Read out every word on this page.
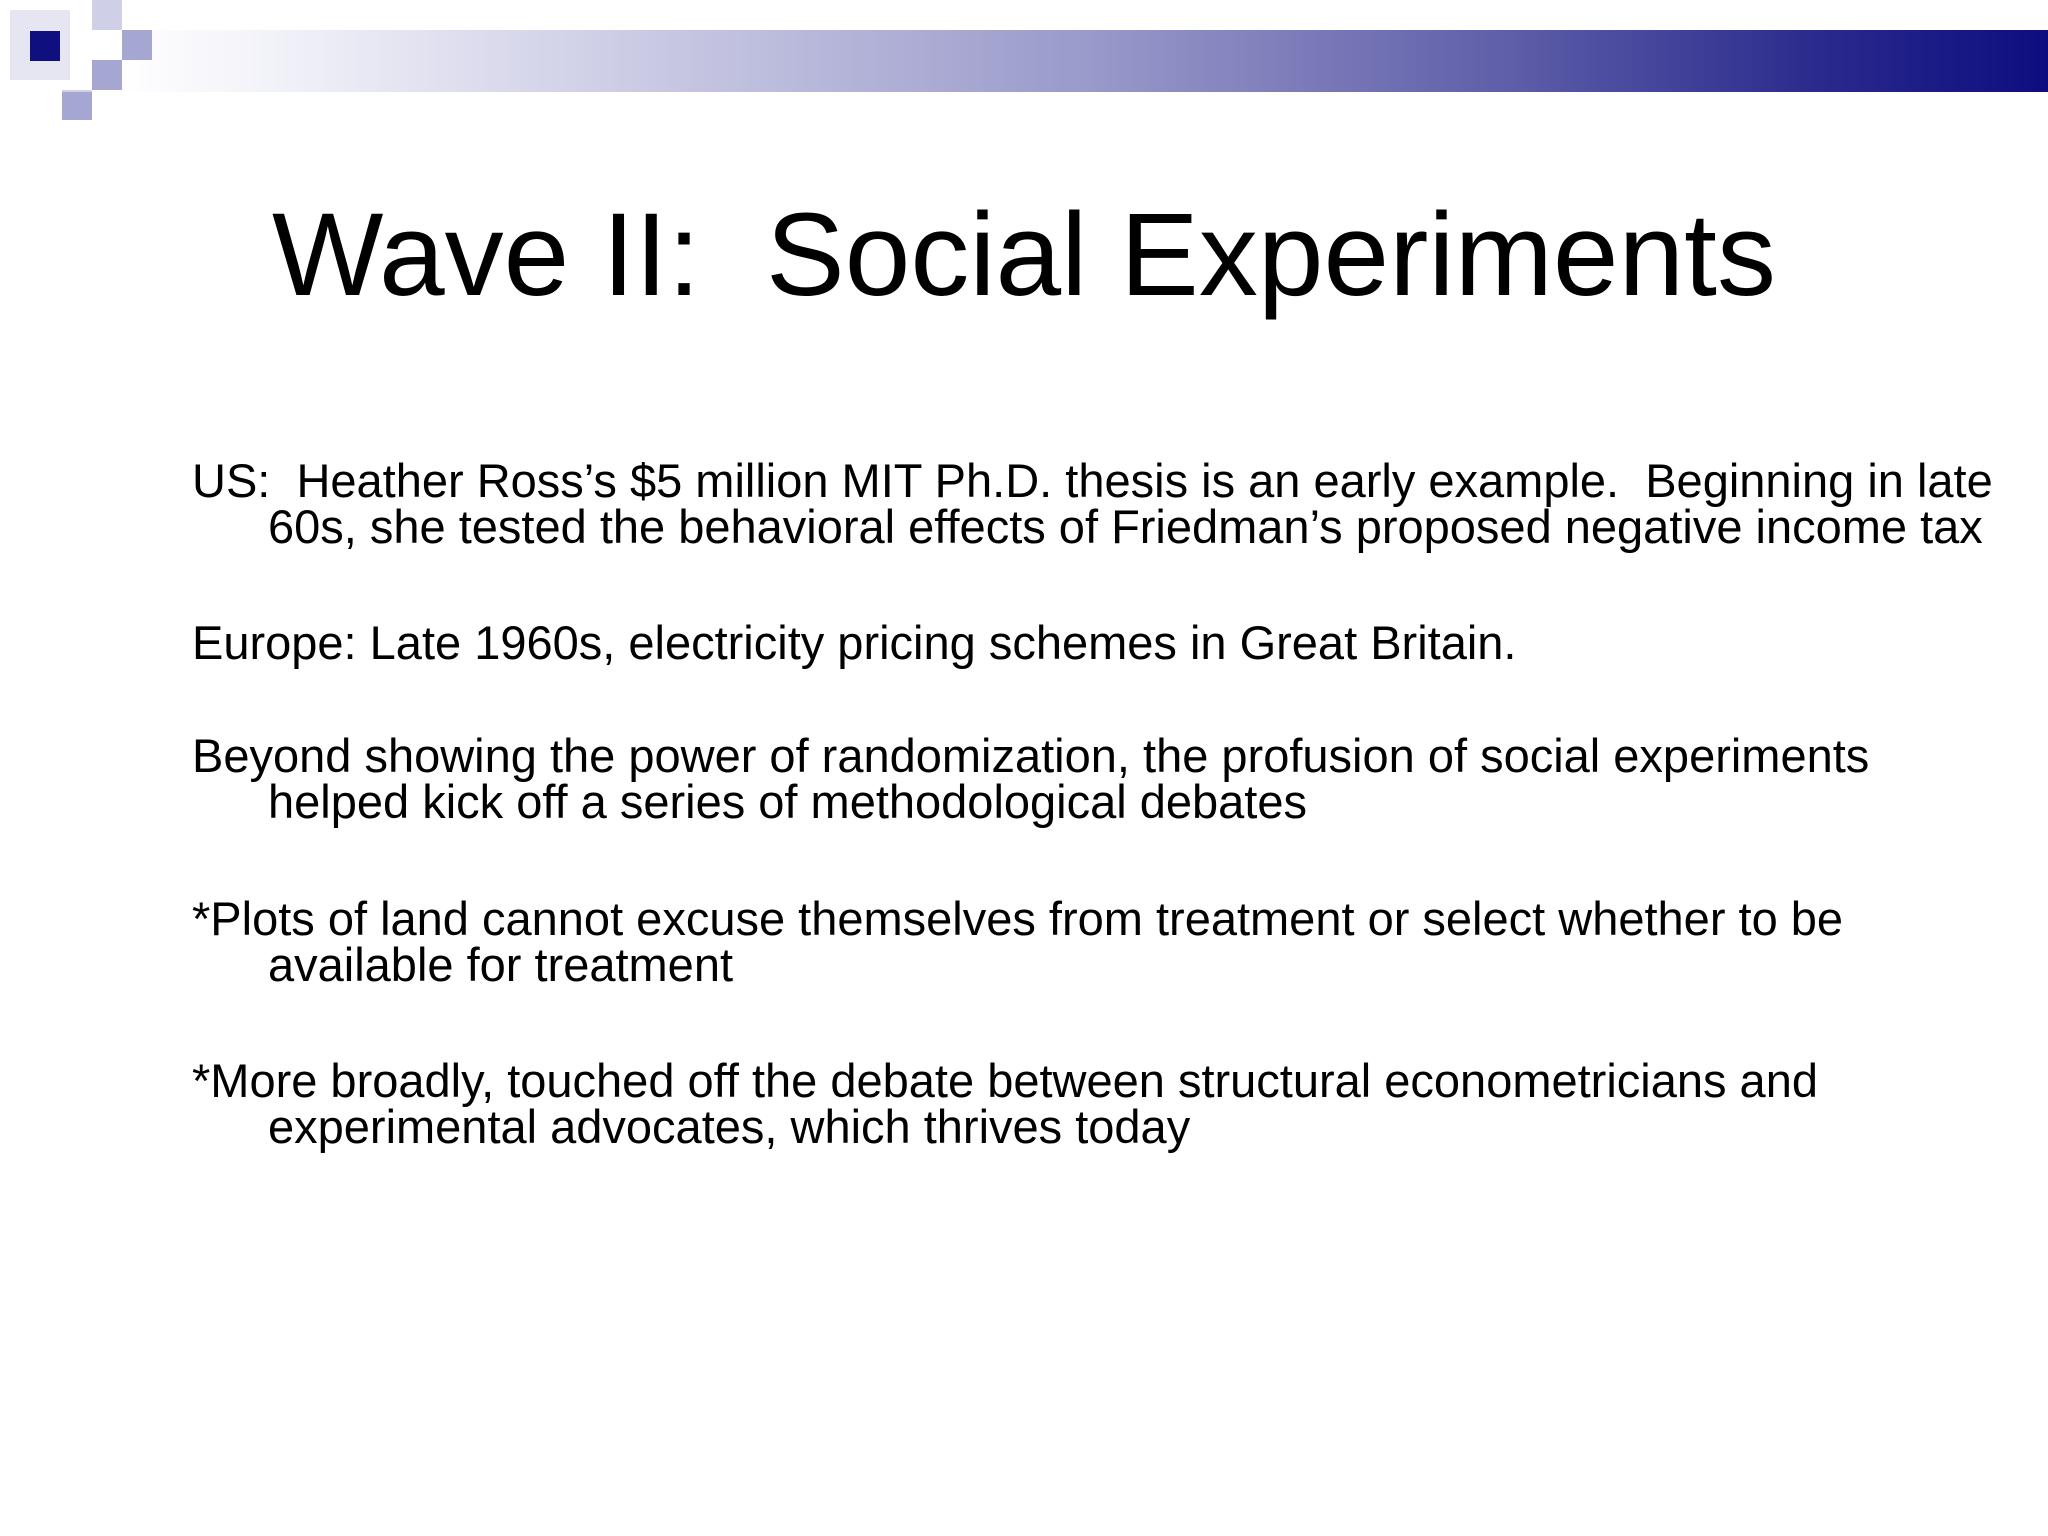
Wave II:  Social Experiments
US:  Heather Ross’s $5 million MIT Ph.D. thesis is an early example.  Beginning in late 60s, she tested the behavioral effects of Friedman’s proposed negative income tax
Europe: Late 1960s, electricity pricing schemes in Great Britain.
Beyond showing the power of randomization, the profusion of social experiments helped kick off a series of methodological debates
*Plots of land cannot excuse themselves from treatment or select whether to be available for treatment
*More broadly, touched off the debate between structural econometricians and experimental advocates, which thrives today
